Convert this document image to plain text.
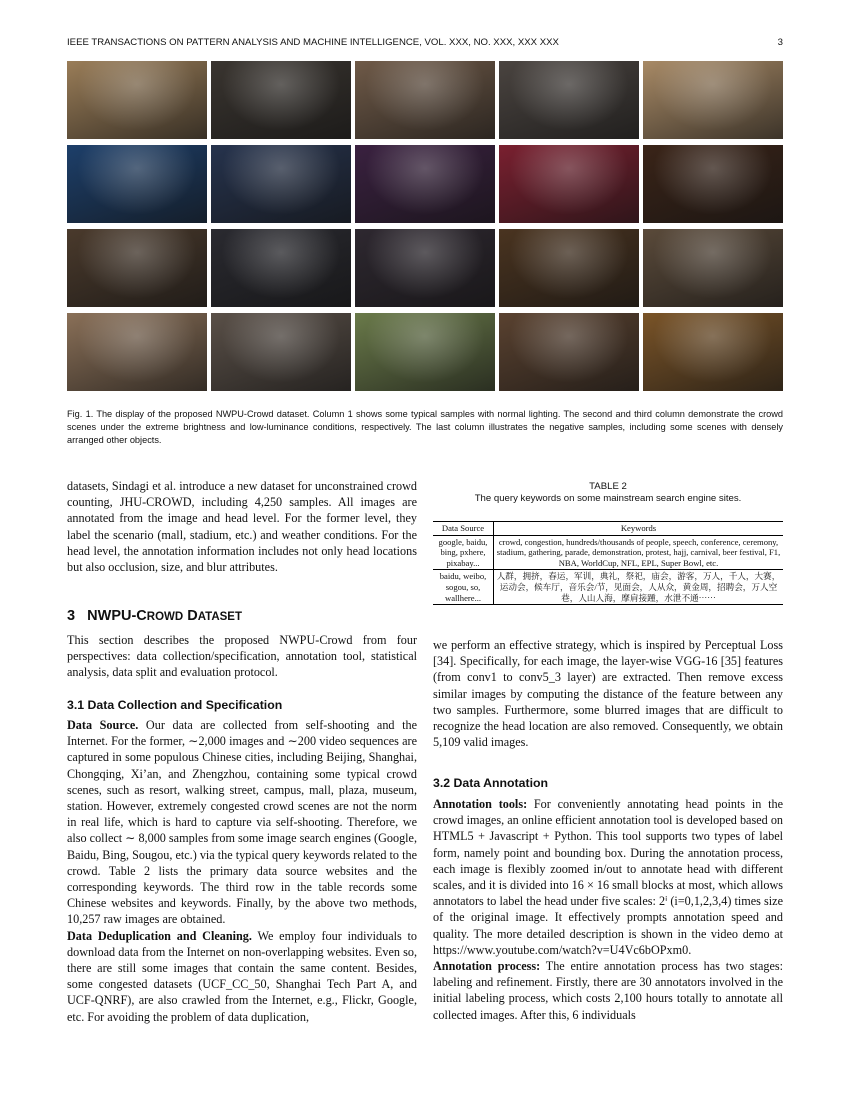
IEEE TRANSACTIONS ON PATTERN ANALYSIS AND MACHINE INTELLIGENCE, VOL. XXX, NO. XXX, XXX XXX	3
Fig. 1. The display of the proposed NWPU-Crowd dataset. Column 1 shows some typical samples with normal lighting. The second and third column demonstrate the crowd scenes under the extreme brightness and low-luminance conditions, respectively. The last column illustrates the negative samples, including some scenes with densely arranged other objects.

datasets, Sindagi et al. introduce a new dataset for unconstrained crowd counting, JHU-CROWD, including 4,250 samples. All images are annotated from the image and head level. For the former level, they label the scenario (mall, stadium, etc.) and weather conditions. For the head level, the annotation information includes not only head locations but also occlusion, size, and blur attributes.

3 NWPU-CROWD DATASET

This section describes the proposed NWPU-Crowd from four perspectives: data collection/specification, annotation tool, statistical analysis, data split and evaluation protocol.

3.1 Data Collection and Specification

Data Source. Our data are collected from self-shooting and the Internet. For the former, ∼2,000 images and ∼200 video sequences are captured in some populous Chinese cities, including Beijing, Shanghai, Chongqing, Xi’an, and Zhengzhou, containing some typical crowd scenes, such as resort, walking street, campus, mall, plaza, museum, station. However, extremely congested crowd scenes are not the norm in real life, which is hard to capture via self-shooting. Therefore, we also collect ∼ 8,000 samples from some image search engines (Google, Baidu, Bing, Sougou, etc.) via the typical query keywords related to the crowd. Table 2 lists the primary data source websites and the corresponding keywords. The third row in the table records some Chinese websites and keywords. Finally, by the above two methods, 10,257 raw images are obtained.

Data Deduplication and Cleaning. We employ four individuals to download data from the Internet on non-overlapping websites. Even so, there are still some images that contain the same content. Besides, some congested datasets (UCF_CC_50, Shanghai Tech Part A, and UCF-QNRF), are also crawled from the Internet, e.g., Flickr, Google, etc. For avoiding the problem of data duplication,

TABLE 2
The query keywords on some mainstream search engine sites.
Data Source	Keywords
google, baidu, bing, pxhere, pixabay...	crowd, congestion, hundreds/thousands of people, speech, conference, ceremony, stadium, gathering, parade, demonstration, protest, hajj, carnival, beer festival, F1, NBA, WorldCup, NFL, EPL, Super Bowl, etc.
baidu, weibo, sogou, so, wallhere...	人群，拥挤，春运，军训，典礼，祭祀，庙会，游客，万人，千人，大赛，运动会，候车厅，音乐会/节，见面会，人从众，黄金周，招聘会，万人空巷，人山人海，摩肩接踵，水泄不通⋯⋯

we perform an effective strategy, which is inspired by Perceptual Loss [34]. Specifically, for each image, the layer-wise VGG-16 [35] features (from conv1 to conv5_3 layer) are extracted. Then remove excess similar images by computing the distance of the feature between any two samples. Furthermore, some blurred images that are difficult to recognize the head location are also removed. Consequently, we obtain 5,109 valid images.

3.2 Data Annotation

Annotation tools: For conveniently annotating head points in the crowd images, an online efficient annotation tool is developed based on HTML5 + Javascript + Python. This tool supports two types of label form, namely point and bounding box. During the annotation process, each image is flexibly zoomed in/out to annotate head with different scales, and it is divided into 16 × 16 small blocks at most, which allows annotators to label the head under five scales: 2ⁱ (i=0,1,2,3,4) times size of the original image. It effectively prompts annotation speed and quality. The more detailed description is shown in the video demo at https://www.youtube.com/watch?v=U4Vc6bOPxm0.

Annotation process: The entire annotation process has two stages: labeling and refinement. Firstly, there are 30 annotators involved in the initial labeling process, which costs 2,100 hours totally to annotate all collected images. After this, 6 individuals
